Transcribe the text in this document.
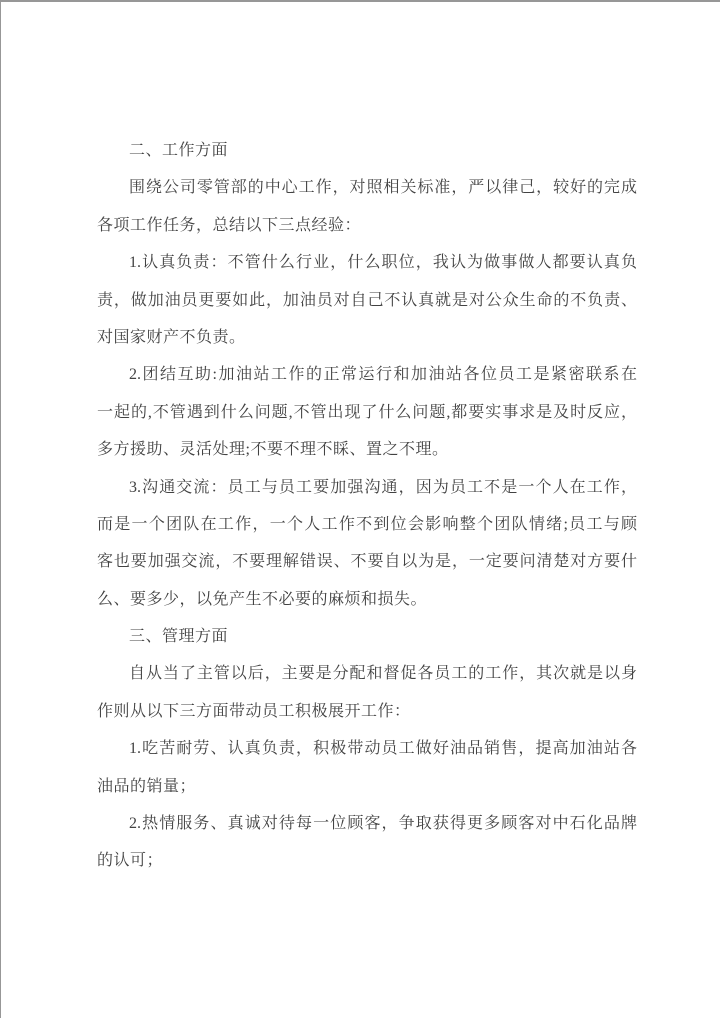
二、工作方面
围绕公司零管部的中心工作，对照相关标准，严以律己，较好的完成
各项工作任务，总结以下三点经验：
1.认真负责：不管什么行业，什么职位，我认为做事做人都要认真负
责，做加油员更要如此，加油员对自己不认真就是对公众生命的不负责、
对国家财产不负责。
2.团结互助:加油站工作的正常运行和加油站各位员工是紧密联系在
一起的,不管遇到什么问题,不管出现了什么问题,都要实事求是及时反应，
多方援助、灵活处理;不要不理不睬、置之不理。
3.沟通交流：员工与员工要加强沟通，因为员工不是一个人在工作，
而是一个团队在工作，一个人工作不到位会影响整个团队情绪;员工与顾
客也要加强交流，不要理解错误、不要自以为是，一定要问清楚对方要什
么、要多少，以免产生不必要的麻烦和损失。
三、管理方面
自从当了主管以后，主要是分配和督促各员工的工作，其次就是以身
作则从以下三方面带动员工积极展开工作：
1.吃苦耐劳、认真负责，积极带动员工做好油品销售，提高加油站各
油品的销量；
2.热情服务、真诚对待每一位顾客，争取获得更多顾客对中石化品牌
的认可；
